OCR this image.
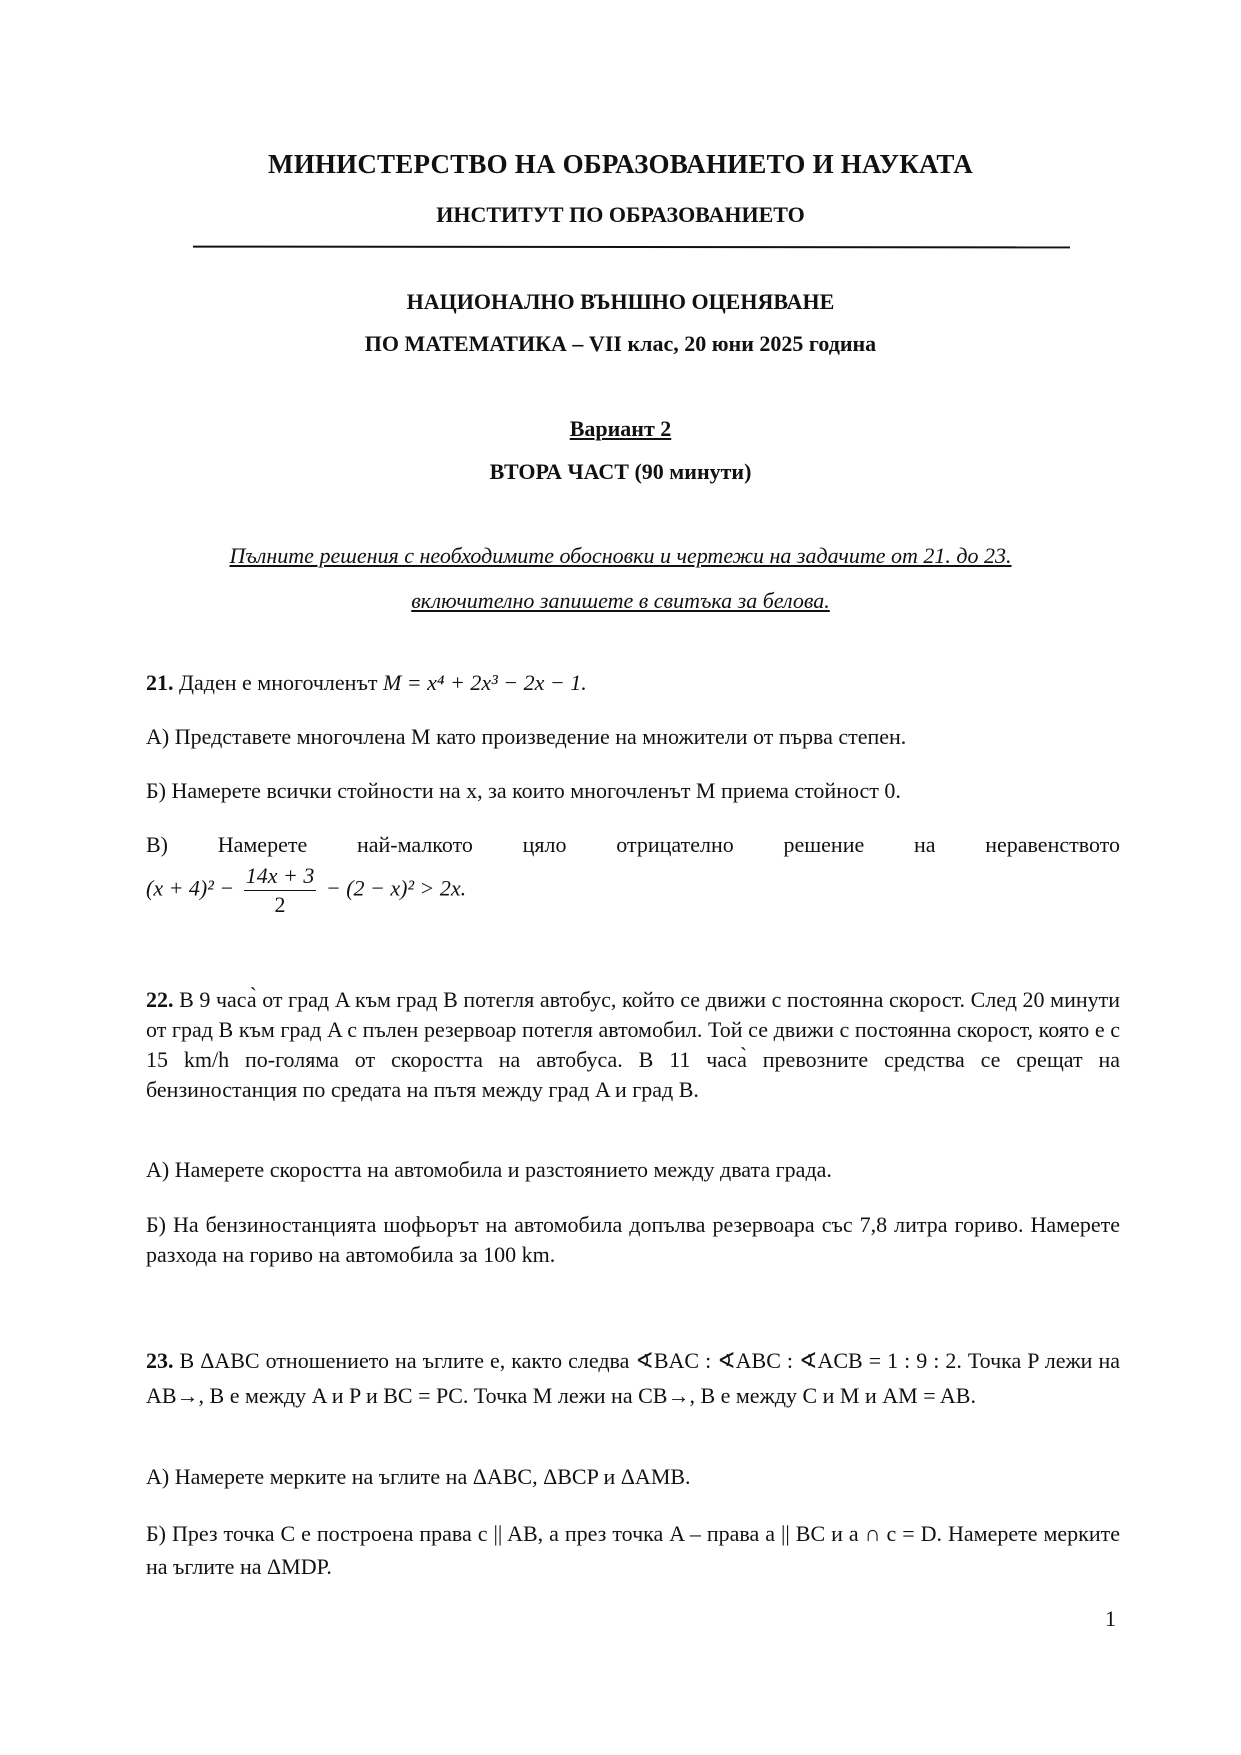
МИНИСТЕРСТВО НА ОБРАЗОВАНИЕТО И НАУКАТА
ИНСТИТУТ ПО ОБРАЗОВАНИЕТО
НАЦИОНАЛНО ВЪНШНО ОЦЕНЯВАНЕ
ПО МАТЕМАТИКА – VII клас, 20 юни 2025 година
Вариант 2
ВТОРА ЧАСТ (90 минути)
Пълните решения с необходимите обосновки и чертежи на задачите от 21. до 23.
включително запишете в свитъка за белова.
21. Даден е многочленът M = x⁴ + 2x³ − 2x − 1.
А) Представете многочлена M като произведение на множители от първа степен.
Б) Намерете всички стойности на x, за които многочленът M приема стойност 0.
В) Намерете най-малкото цяло отрицателно решение на неравенството
$(x + 4)^2 - \frac{14x + 3}{2} - (2 - x)^2 > 2x$.
22. В 9 часа̀ от град A към град B потегля автобус, който се движи с постоянна скорост. След 20 минути от град B към град A с пълен резервоар потегля автомобил. Той се движи с постоянна скорост, която е с 15 km/h по-голяма от скоростта на автобуса. В 11 часа̀ превозните средства се срещат на бензиностанция по средата на пътя между град A и град B.
А) Намерете скоростта на автомобила и разстоянието между двата града.
Б) На бензиностанцията шофьорът на автомобила допълва резервоара със 7,8 литра гориво. Намерете разхода на гориво на автомобила за 100 km.
23. В ΔABC отношението на ъглите е, както следва ∢BAC : ∢ABC : ∢ACB = 1 : 9 : 2. Точка P лежи на AB→, B е между A и P и BC = PC. Точка M лежи на CB→, B е между C и M и AM = AB.
А) Намерете мерките на ъглите на ΔABC, ΔBCP и ΔAMB.
Б) През точка C е построена права c || AB, а през точка A – права a || BC и a ∩ c = D. Намерете мерките на ъглите на ΔMDP.
1
